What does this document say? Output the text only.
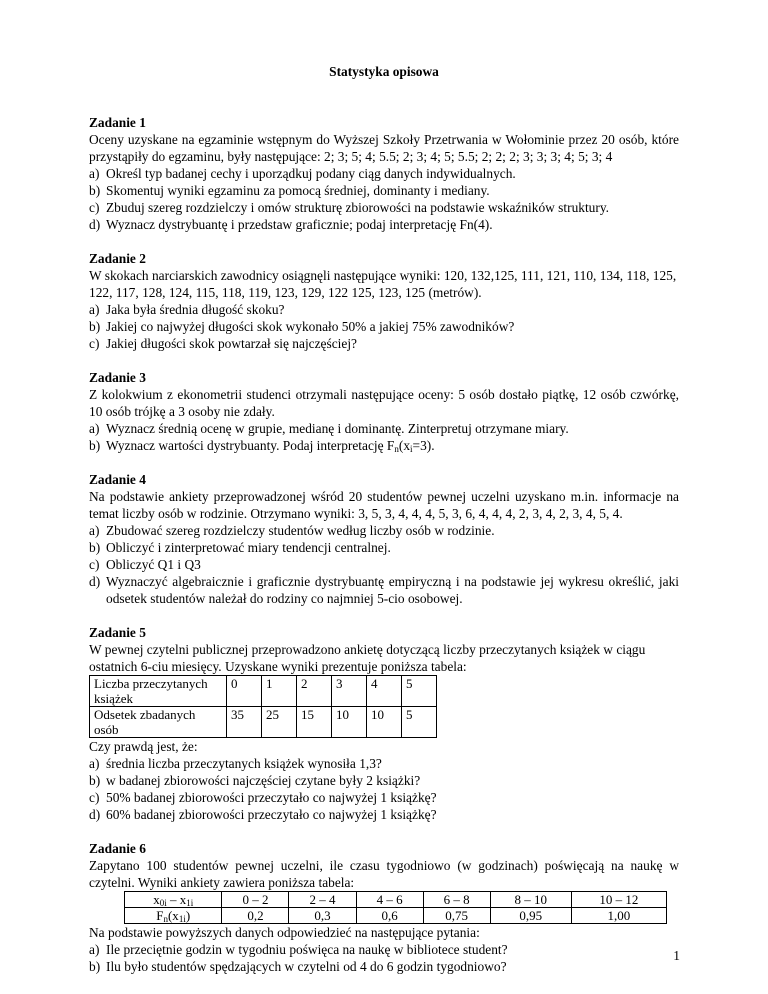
Statystyka opisowa
Zadanie 1
Oceny uzyskane na egzaminie wstępnym do Wyższej Szkoły Przetrwania w Wołominie przez 20 osób, które przystąpiły do egzaminu, były następujące: 2; 3; 5; 4; 5.5; 2; 3; 4; 5; 5.5; 2; 2; 2; 3; 3; 3; 4; 5; 3; 4
a) Określ typ badanej cechy i uporządkuj podany ciąg danych indywidualnych.
b) Skomentuj wyniki egzaminu za pomocą średniej, dominanty i mediany.
c) Zbuduj szereg rozdzielczy i omów strukturę zbiorowości na podstawie wskaźników struktury.
d) Wyznacz dystrybuantę i przedstaw graficznie; podaj interpretację Fn(4).
Zadanie 2
W skokach narciarskich zawodnicy osiągnęli następujące wyniki: 120, 132,125, 111, 121, 110, 134, 118, 125, 122, 117, 128, 124, 115, 118, 119, 123, 129, 122 125, 123, 125 (metrów).
a) Jaka była średnia długość skoku?
b) Jakiej co najwyżej długości skok wykonało 50% a jakiej 75% zawodników?
c) Jakiej długości skok powtarzał się najczęściej?
Zadanie 3
Z kolokwium z ekonometrii studenci otrzymali następujące oceny: 5 osób dostało piątkę, 12 osób czwórkę, 10 osób trójkę a 3 osoby nie zdały.
a) Wyznacz średnią ocenę w grupie, medianę i dominantę. Zinterpretuj otrzymane miary.
b) Wyznacz wartości dystrybuanty. Podaj interpretację $F_n(x_i=3)$.
Zadanie 4
Na podstawie ankiety przeprowadzonej wśród 20 studentów pewnej uczelni uzyskano m.in. informacje na temat liczby osób w rodzinie. Otrzymano wyniki: 3, 5, 3, 4, 4, 4, 5, 3, 6, 4, 4, 4, 2, 3, 4, 2, 3, 4, 5, 4.
a) Zbudować szereg rozdzielczy studentów według liczby osób w rodzinie.
b) Obliczyć i zinterpretować miary tendencji centralnej.
c) Obliczyć Q1 i Q3
d) Wyznaczyć algebraicznie i graficznie dystrybuantę empiryczną i na podstawie jej wykresu określić, jaki odsetek studentów należał do rodziny co najmniej 5-cio osobowej.
Zadanie 5
W pewnej czytelni publicznej przeprowadzono ankietę dotyczącą liczby przeczytanych książek w ciągu ostatnich 6-ciu miesięcy. Uzyskane wyniki prezentuje poniższa tabela:
Liczba przeczytanych książek	0	1	2	3	4	5
Odsetek zbadanych osób	35	25	15	10	10	5
Czy prawdą jest, że:
a) średnia liczba przeczytanych książek wynosiła 1,3?
b) w badanej zbiorowości najczęściej czytane były 2 książki?
c) 50% badanej zbiorowości przeczytało co najwyżej 1 książkę?
d) 60% badanej zbiorowości przeczytało co najwyżej 1 książkę?
Zadanie 6
Zapytano 100 studentów pewnej uczelni, ile czasu tygodniowo (w godzinach) poświęcają na naukę w czytelni. Wyniki ankiety zawiera poniższa tabela:
$x_{0i} - x_{1i}$	0 – 2	2 – 4	4 – 6	6 – 8	8 – 10	10 – 12
$F_n(x_{1i})$	0,2	0,3	0,6	0,75	0,95	1,00
Na podstawie powyższych danych odpowiedzieć na następujące pytania:
a) Ile przeciętnie godzin w tygodniu poświęca na naukę w bibliotece student?
b) Ilu było studentów spędzających w czytelni od 4 do 6 godzin tygodniowo?
1
